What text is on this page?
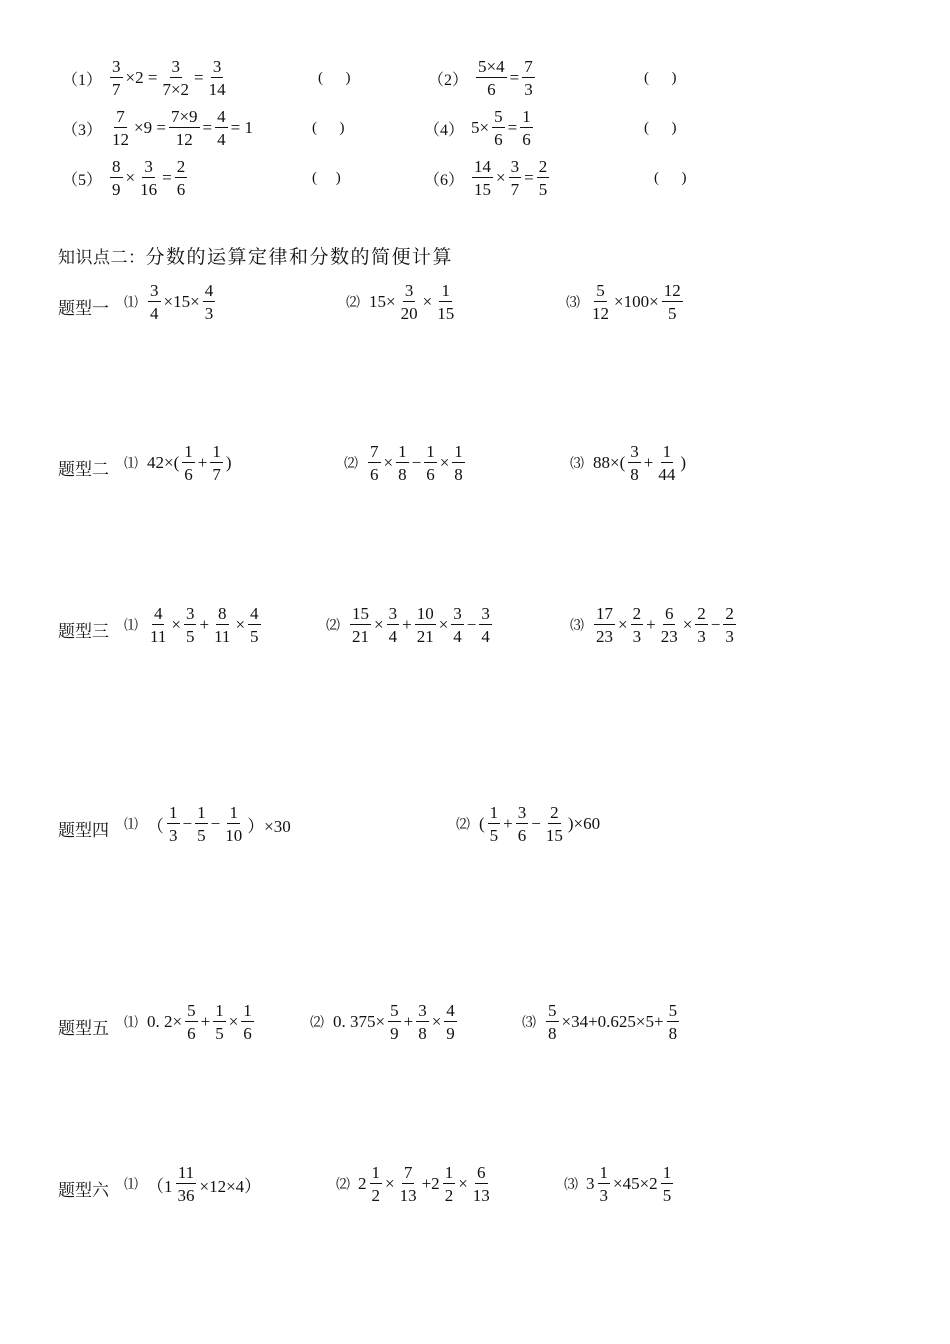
$(1) \frac{3}{7} \times 2 = \frac{3}{7\times 2} = \frac{3}{14}$	(      )	$(2) \frac{5\times 4}{6} = \frac{7}{3}$	(      )
$(3) \frac{7}{12} \times 9 = \frac{7\times 9}{12} = \frac{4}{4} = 1$	(      )	（4） $5\times \frac{5}{6} = \frac{1}{6}$	(      )
$(5) \frac{8}{9} \times \frac{3}{16} = \frac{2}{6}$	(     )	$(6) \frac{14}{15} \times \frac{3}{7} = \frac{2}{5}$	(      )
知识点二：分数的运算定律和分数的简便计算
题型一 ⑴ $\frac{3}{4} \times 15\times \frac{4}{3}$	⑵ $15\times \frac{3}{20} \times \frac{1}{15}$	⑶ $\frac{5}{12} \times 100\times \frac{12}{5}$
题型二 ⑴ $42\times( \frac{1}{6} + \frac{1}{7}$ )	⑵ $\frac{7}{6} \times \frac{1}{8} - \frac{1}{6} \times \frac{1}{8}$	⑶ $88\times( \frac{3}{8} + \frac{1}{44}$ )
题型三 ⑴ $\frac{4}{11} \times \frac{3}{5} + \frac{8}{11} \times \frac{4}{5}$	⑵ $\frac{15}{21} \times \frac{3}{4} + \frac{10}{21} \times \frac{3}{4} - \frac{3}{4}$	⑶ $\frac{17}{23} \times \frac{2}{3} + \frac{6}{23} \times \frac{2}{3} - \frac{2}{3}$
题型四 ⑴ （ $\frac{1}{3} - \frac{1}{5} - \frac{1}{10} )\times 30$	⑵ ( $\frac{1}{5} + \frac{3}{6} - \frac{2}{15} )\times 60$
题型五 ⑴ 0. $2\times \frac{5}{6} + \frac{1}{5} \times \frac{1}{6}$	⑵ 0. $375\times \frac{5}{9} + \frac{3}{8} \times \frac{4}{9}$	⑶ $\frac{5}{8} \times 34+0.625\times 5+ \frac{5}{8}$
题型六 ⑴ $(1 \frac{11}{36} \times 12\times 4)$	⑵ $2 \frac{1}{2} \times \frac{7}{13} +2 \frac{1}{2} \times \frac{6}{13}$	⑶ $3 \frac{1}{3} \times 45\times 2 \frac{1}{5}$
